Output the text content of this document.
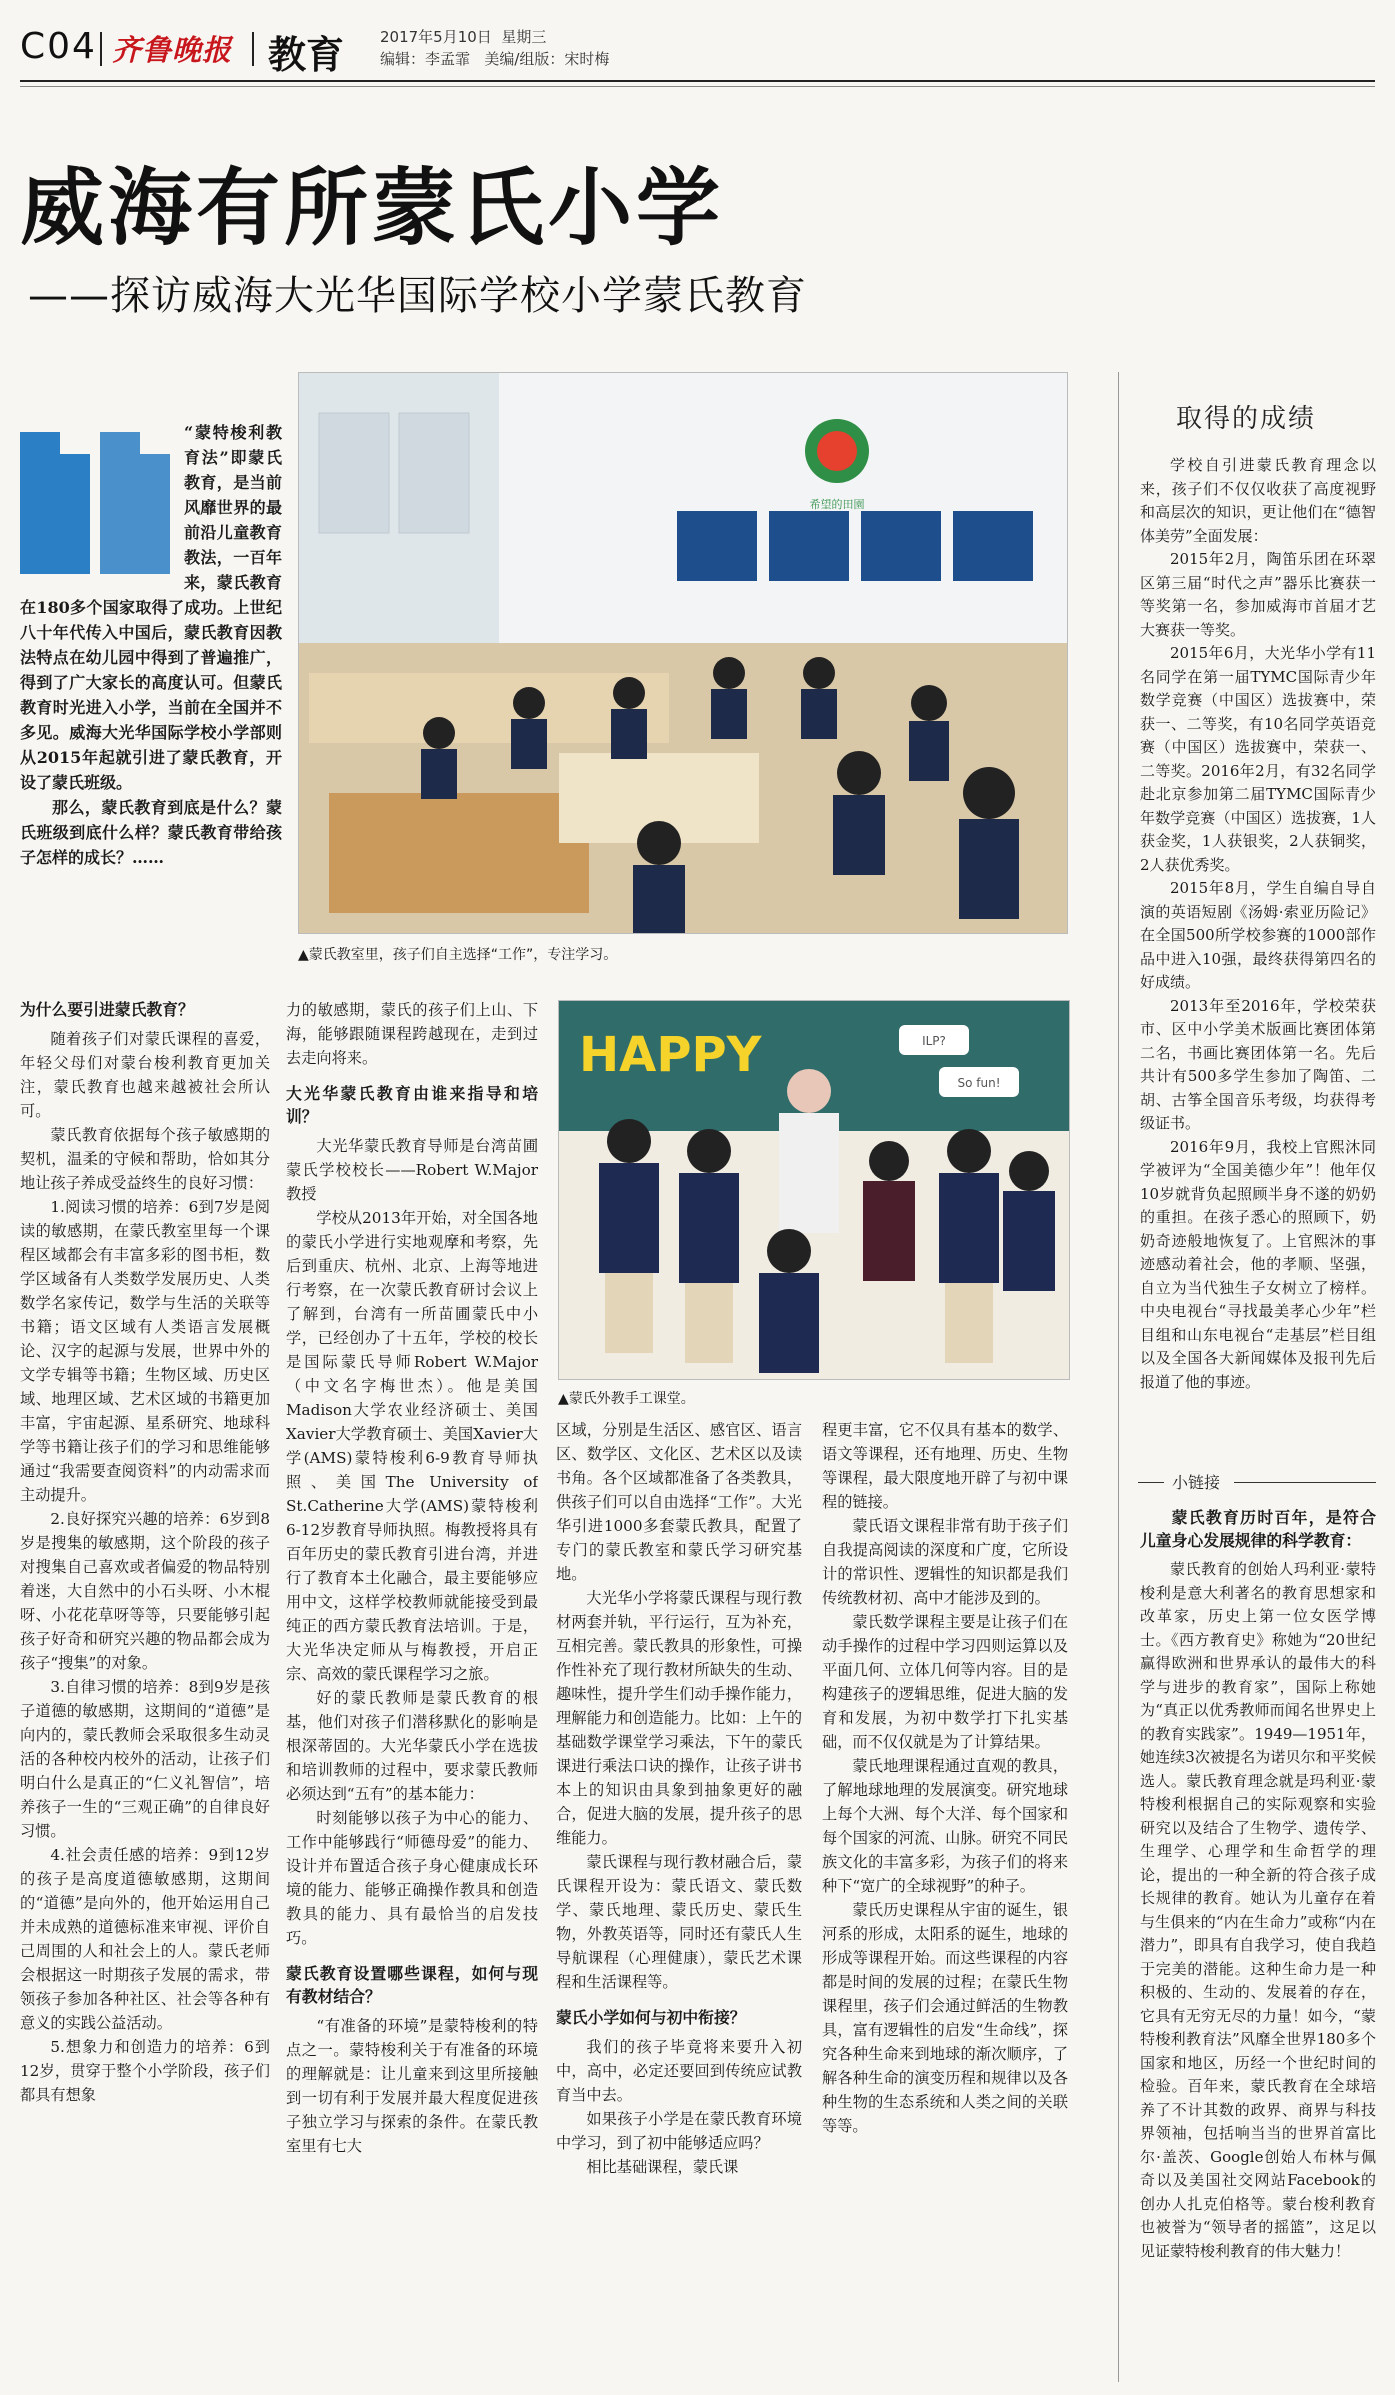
C04 齐鲁晚报 教育 2017年5月10日 星期三
编辑：李孟霏 美编/组版：宋时梅
威海有所蒙氏小学
——探访威海大光华国际学校小学蒙氏教育

“蒙特梭利教育法”即蒙氏教育，是当前风靡世界的最前沿儿童教育教法，一百年来，蒙氏教育在180多个国家取得了成功。上世纪八十年代传入中国后，蒙氏教育因教法特点在幼儿园中得到了普遍推广，得到了广大家长的高度认可。但蒙氏教育时光进入小学，当前在全国并不多见。威海大光华国际学校小学部则从2015年起就引进了蒙氏教育，开设了蒙氏班级。

那么，蒙氏教育到底是什么？蒙氏班级到底什么样？蒙氏教育带给孩子怎样的成长？……

希望的田園
▲蒙氏教室里，孩子们自主选择“工作”，专注学习。
HAPPY	ILP?
So fun!
▲蒙氏外教手工课堂。
为什么要引进蒙氏教育？

随着孩子们对蒙氏课程的喜爱，年轻父母们对蒙台梭利教育更加关注，蒙氏教育也越来越被社会所认可。

蒙氏教育依据每个孩子敏感期的契机，温柔的守候和帮助，恰如其分地让孩子养成受益终生的良好习惯：

1.阅读习惯的培养：6到7岁是阅读的敏感期，在蒙氏教室里每一个课程区域都会有丰富多彩的图书柜，数学区域备有人类数学发展历史、人类数学名家传记，数学与生活的关联等书籍；语文区域有人类语言发展概论、汉字的起源与发展，世界中外的文学专辑等书籍；生物区域、历史区域、地理区域、艺术区域的书籍更加丰富，宇宙起源、星系研究、地球科学等书籍让孩子们的学习和思维能够通过“我需要查阅资料”的内动需求而主动提升。

2.良好探究兴趣的培养：6岁到8岁是搜集的敏感期，这个阶段的孩子对搜集自己喜欢或者偏爱的物品特别着迷，大自然中的小石头呀、小木棍呀、小花花草呀等等，只要能够引起孩子好奇和研究兴趣的物品都会成为孩子“搜集”的对象。

3.自律习惯的培养：8到9岁是孩子道德的敏感期，这期间的“道德”是向内的，蒙氏教师会采取很多生动灵活的各种校内校外的活动，让孩子们明白什么是真正的“仁义礼智信”，培养孩子一生的“三观正确”的自律良好习惯。

4.社会责任感的培养：9到12岁的孩子是高度道德敏感期，这期间的“道德”是向外的，他开始运用自己并未成熟的道德标准来审视、评价自己周围的人和社会上的人。蒙氏老师会根据这一时期孩子发展的需求，带领孩子参加各种社区、社会等各种有意义的实践公益活动。

5.想象力和创造力的培养：6到12岁，贯穿于整个小学阶段，孩子们都具有想象

力的敏感期，蒙氏的孩子们上山、下海，能够跟随课程跨越现在，走到过去走向将来。

大光华蒙氏教育由谁来指导和培训？

大光华蒙氏教育导师是台湾苗圃蒙氏学校校长——Robert W.Major教授

学校从2013年开始，对全国各地的蒙氏小学进行实地观摩和考察，先后到重庆、杭州、北京、上海等地进行考察，在一次蒙氏教育研讨会议上了解到，台湾有一所苗圃蒙氏中小学，已经创办了十五年，学校的校长是国际蒙氏导师Robert W.Major（中文名字梅世杰）。他是美国Madison大学农业经济硕士、美国Xavier大学教育硕士、美国Xavier大学(AMS)蒙特梭利6-9教育导师执照、美国The University of St.Catherine大学(AMS)蒙特梭利6-12岁教育导师执照。梅教授将具有百年历史的蒙氏教育引进台湾，并进行了教育本土化融合，最主要能够应用中文，这样学校教师就能接受到最纯正的西方蒙氏教育法培训。于是，大光华决定师从与梅教授，开启正宗、高效的蒙氏课程学习之旅。

好的蒙氏教师是蒙氏教育的根基，他们对孩子们潜移默化的影响是根深蒂固的。大光华蒙氏小学在选拔和培训教师的过程中，要求蒙氏教师必须达到“五有”的基本能力：

时刻能够以孩子为中心的能力、工作中能够践行“师德母爱”的能力、设计并布置适合孩子身心健康成长环境的能力、能够正确操作教具和创造教具的能力、具有最恰当的启发技巧。

蒙氏教育设置哪些课程，如何与现有教材结合？

“有准备的环境”是蒙特梭利的特点之一。蒙特梭利关于有准备的环境的理解就是：让儿童来到这里所接触到一切有利于发展并最大程度促进孩子独立学习与探索的条件。在蒙氏教室里有七大

区域，分别是生活区、感官区、语言区、数学区、文化区、艺术区以及读书角。各个区域都准备了各类教具，供孩子们可以自由选择“工作”。大光华引进1000多套蒙氏教具，配置了专门的蒙氏教室和蒙氏学习研究基地。

大光华小学将蒙氏课程与现行教材两套并轨，平行运行，互为补充，互相完善。蒙氏教具的形象性，可操作性补充了现行教材所缺失的生动、趣味性，提升学生们动手操作能力，理解能力和创造能力。比如：上午的基础数学课堂学习乘法，下午的蒙氏课进行乘法口诀的操作，让孩子讲书本上的知识由具象到抽象更好的融合，促进大脑的发展，提升孩子的思维能力。

蒙氏课程与现行教材融合后，蒙氏课程开设为：蒙氏语文、蒙氏数学、蒙氏地理、蒙氏历史、蒙氏生物，外教英语等，同时还有蒙氏人生导航课程（心理健康），蒙氏艺术课程和生活课程等。

蒙氏小学如何与初中衔接？

我们的孩子毕竟将来要升入初中，高中，必定还要回到传统应试教育当中去。

如果孩子小学是在蒙氏教育环境中学习，到了初中能够适应吗？

相比基础课程，蒙氏课

程更丰富，它不仅具有基本的数学、语文等课程，还有地理、历史、生物等课程，最大限度地开辟了与初中课程的链接。

蒙氏语文课程非常有助于孩子们自我提高阅读的深度和广度，它所设计的常识性、逻辑性的知识都是我们传统教材初、高中才能涉及到的。

蒙氏数学课程主要是让孩子们在动手操作的过程中学习四则运算以及平面几何、立体几何等内容。目的是构建孩子的逻辑思维，促进大脑的发育和发展，为初中数学打下扎实基础，而不仅仅就是为了计算结果。

蒙氏地理课程通过直观的教具，了解地球地理的发展演变。研究地球上每个大洲、每个大洋、每个国家和每个国家的河流、山脉。研究不同民族文化的丰富多彩，为孩子们的将来种下“宽广的全球视野”的种子。

蒙氏历史课程从宇宙的诞生，银河系的形成，太阳系的诞生，地球的形成等课程开始。而这些课程的内容都是时间的发展的过程；在蒙氏生物课程里，孩子们会通过鲜活的生物教具，富有逻辑性的启发“生命线”，探究各种生命来到地球的渐次顺序，了解各种生命的演变历程和规律以及各种生物的生态系统和人类之间的关联等等。

取得的成绩

学校自引进蒙氏教育理念以来，孩子们不仅仅收获了高度视野和高层次的知识，更让他们在“德智体美劳”全面发展：

2015年2月，陶笛乐团在环翠区第三届“时代之声”器乐比赛获一等奖第一名，参加威海市首届才艺大赛获一等奖。

2015年6月，大光华小学有11名同学在第一届TYMC国际青少年数学竞赛（中国区）选拔赛中，荣获一、二等奖，有10名同学英语竞赛（中国区）选拔赛中，荣获一、二等奖。2016年2月，有32名同学赴北京参加第二届TYMC国际青少年数学竞赛（中国区）选拔赛，1人获金奖，1人获银奖，2人获铜奖，2人获优秀奖。

2015年8月，学生自编自导自演的英语短剧《汤姆·索亚历险记》在全国500所学校参赛的1000部作品中进入10强，最终获得第四名的好成绩。

2013年至2016年，学校荣获市、区中小学美术版画比赛团体第二名，书画比赛团体第一名。先后共计有500多学生参加了陶笛、二胡、古筝全国音乐考级，均获得考级证书。

2016年9月，我校上官熙沐同学被评为“全国美德少年”！他年仅10岁就背负起照顾半身不遂的奶奶的重担。在孩子悉心的照顾下，奶奶奇迹般地恢复了。上官熙沐的事迹感动着社会，他的孝顺、坚强，自立为当代独生子女树立了榜样。中央电视台“寻找最美孝心少年”栏目组和山东电视台“走基层”栏目组以及全国各大新闻媒体及报刊先后报道了他的事迹。

小链接
蒙氏教育历时百年，是符合儿童身心发展规律的科学教育：

蒙氏教育的创始人玛利亚·蒙特梭利是意大利著名的教育思想家和改革家，历史上第一位女医学博士。《西方教育史》称她为“20世纪赢得欧洲和世界承认的最伟大的科学与进步的教育家”，国际上称她为“真正以优秀教师而闻名世界史上的教育实践家”。1949—1951年，她连续3次被提名为诺贝尔和平奖候选人。蒙氏教育理念就是玛利亚·蒙特梭利根据自己的实际观察和实验研究以及结合了生物学、遗传学、生理学、心理学和生命哲学的理论，提出的一种全新的符合孩子成长规律的教育。她认为儿童存在着与生俱来的“内在生命力”或称“内在潜力”，即具有自我学习，使自我趋于完美的潜能。这种生命力是一种积极的、生动的、发展着的存在，它具有无穷无尽的力量！如今，“蒙特梭利教育法”风靡全世界180多个国家和地区，历经一个世纪时间的检验。百年来，蒙氏教育在全球培养了不计其数的政界、商界与科技界领袖，包括响当当的世界首富比尔·盖茨、Google创始人布林与佩奇以及美国社交网站Facebook的创办人扎克伯格等。蒙台梭利教育也被誉为“领导者的摇篮”，这足以见证蒙特梭利教育的伟大魅力！
